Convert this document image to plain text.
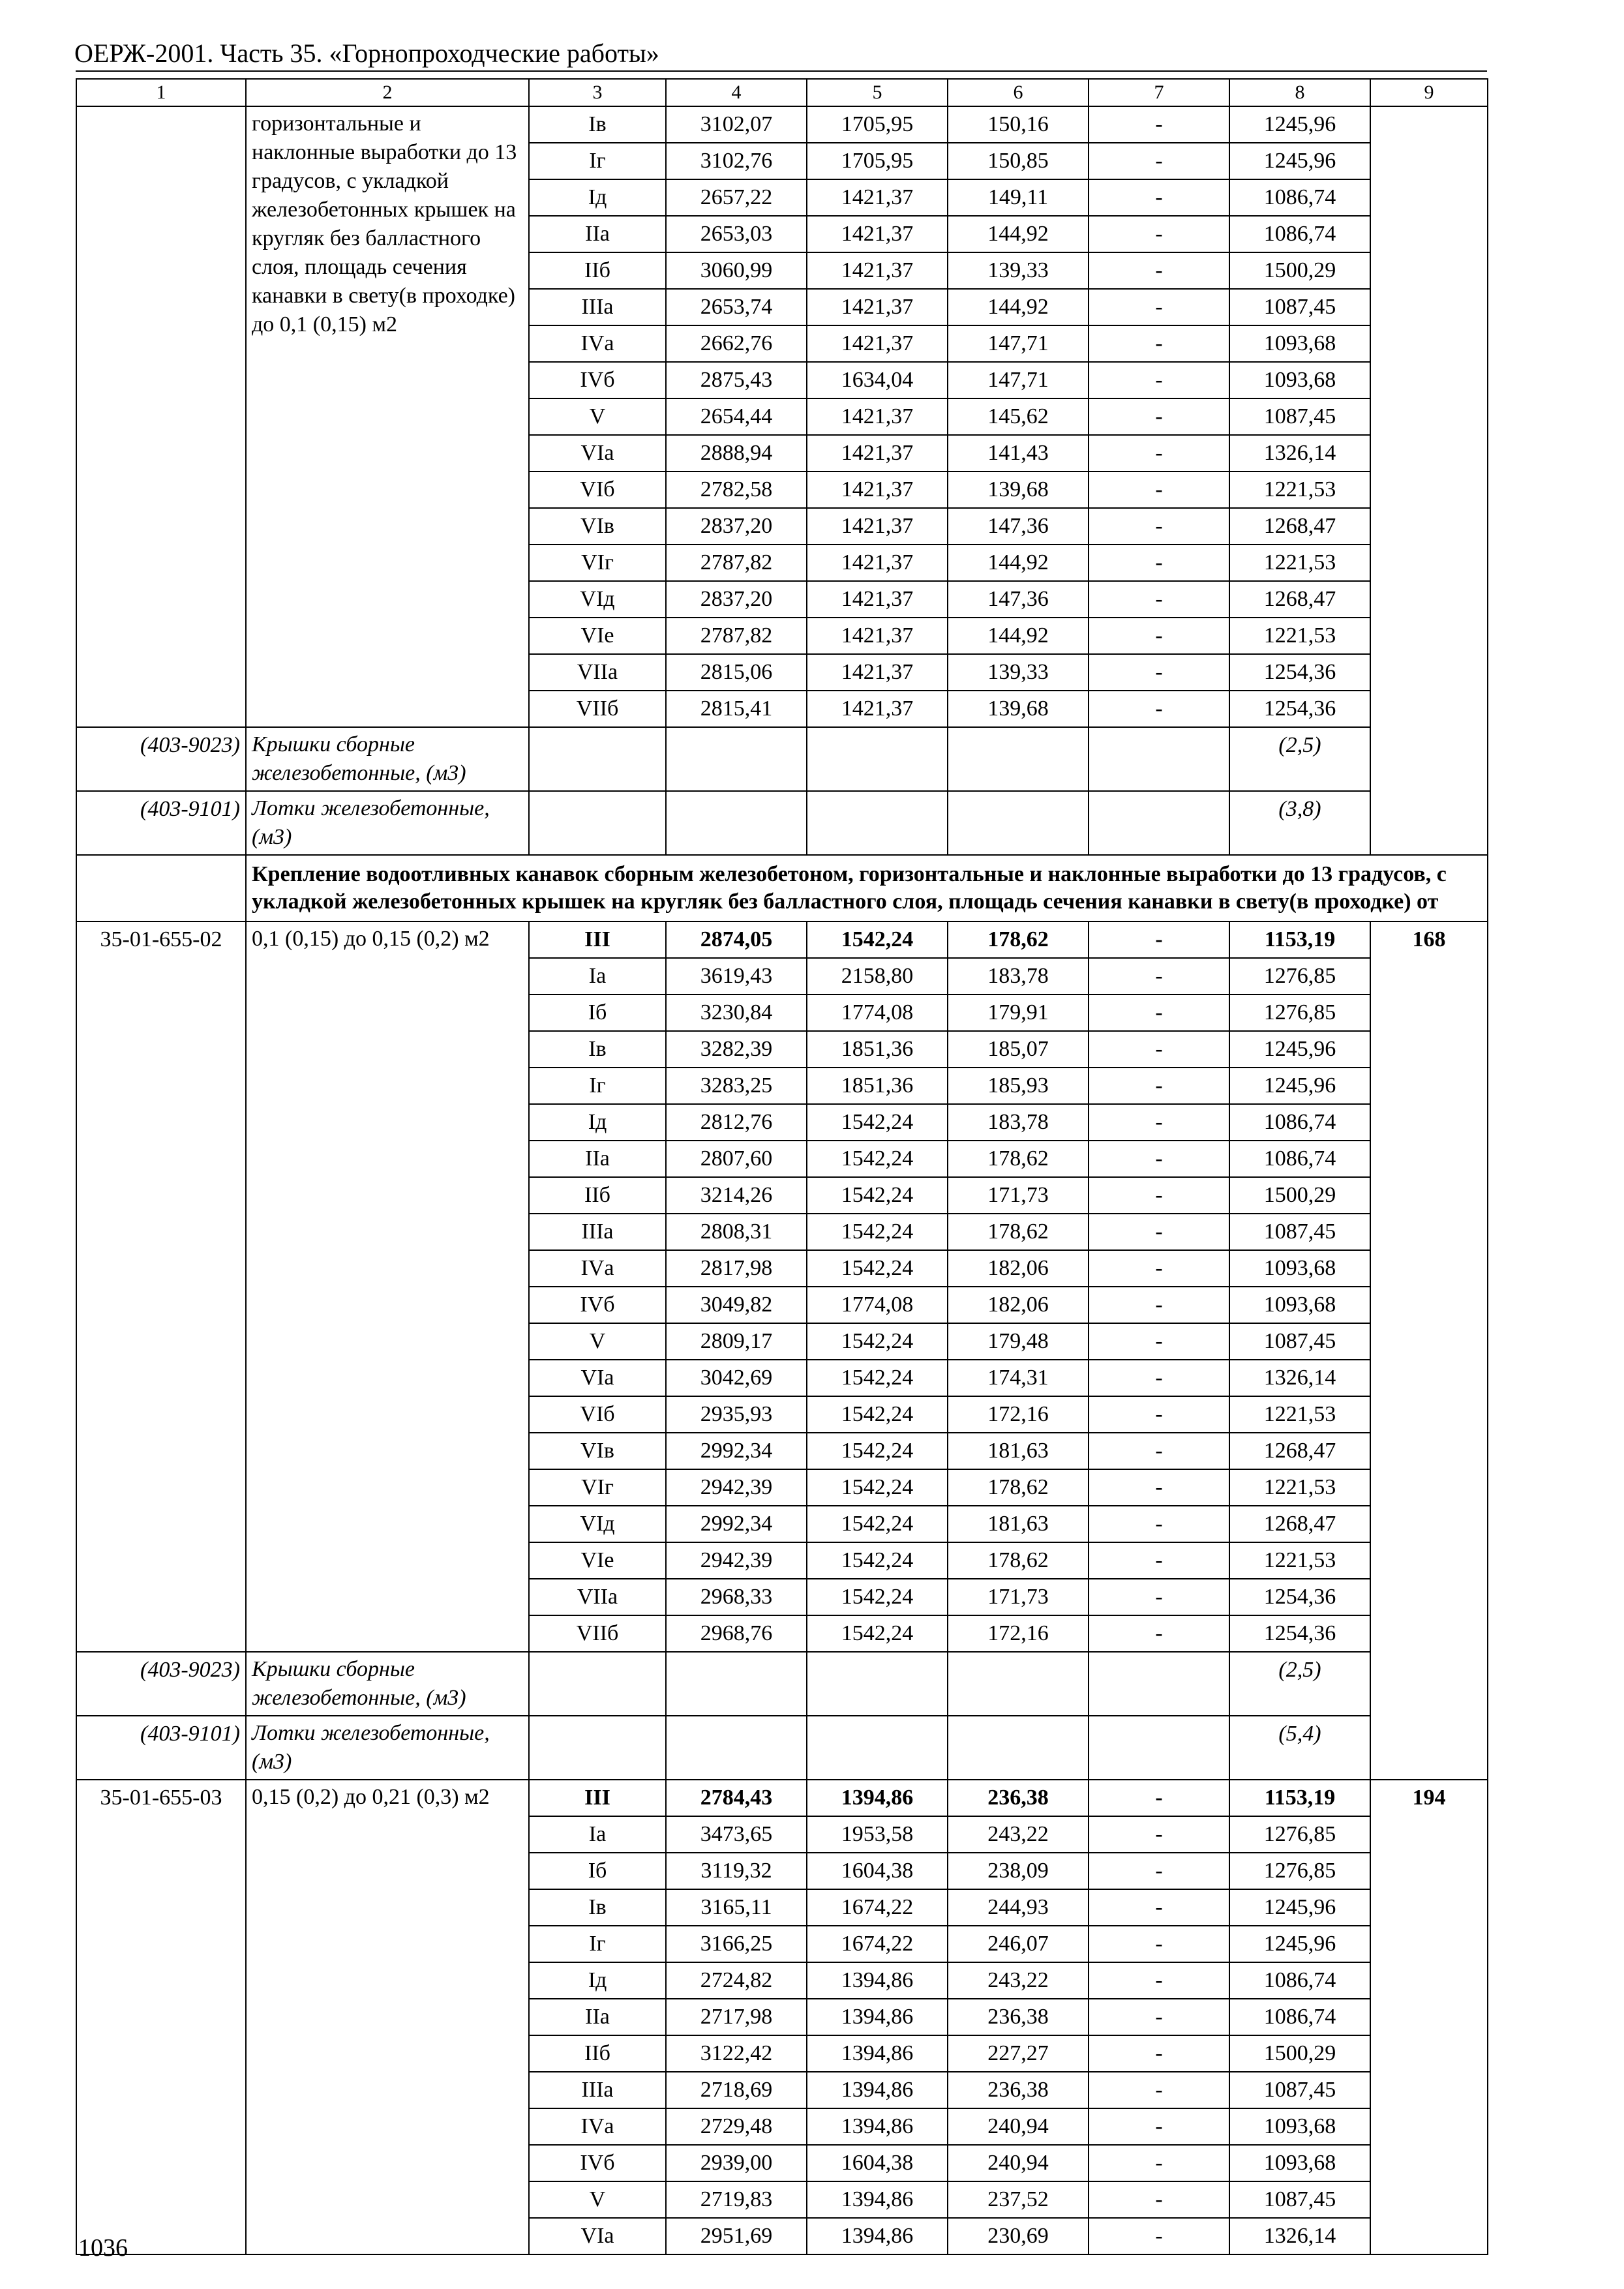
ОЕРЖ-2001. Часть 35. «Горнопроходческие работы»
1	2	3	4	5	6	7	8	9
	горизонтальные и наклонные выработки до 13 градусов, с укладкой железобетонных крышек на кругляк без балластного слоя, площадь сечения канавки в свету(в проходке) до 0,1 (0,15) м2	Iв	3102,07	1705,95	150,16	-	1245,96	
		Iг	3102,76	1705,95	150,85	-	1245,96	
		Iд	2657,22	1421,37	149,11	-	1086,74	
		IIа	2653,03	1421,37	144,92	-	1086,74	
		IIб	3060,99	1421,37	139,33	-	1500,29	
		IIIа	2653,74	1421,37	144,92	-	1087,45	
		IVа	2662,76	1421,37	147,71	-	1093,68	
		IVб	2875,43	1634,04	147,71	-	1093,68	
		V	2654,44	1421,37	145,62	-	1087,45	
		VIа	2888,94	1421,37	141,43	-	1326,14	
		VIб	2782,58	1421,37	139,68	-	1221,53	
		VIв	2837,20	1421,37	147,36	-	1268,47	
		VIг	2787,82	1421,37	144,92	-	1221,53	
		VIд	2837,20	1421,37	147,36	-	1268,47	
		VIе	2787,82	1421,37	144,92	-	1221,53	
		VIIа	2815,06	1421,37	139,33	-	1254,36	
		VIIб	2815,41	1421,37	139,68	-	1254,36	
(403-9023)	Крышки сборные железобетонные, (м3)						(2,5)	
(403-9101)	Лотки железобетонные, (м3)						(3,8)	
	Крепление водоотливных канавок сборным железобетоном, горизонтальные и наклонные выработки до 13 градусов, с укладкой железобетонных крышек на кругляк без балластного слоя, площадь сечения канавки в свету(в проходке) от							
35-01-655-02	0,1 (0,15) до 0,15 (0,2) м2	III	2874,05	1542,24	178,62	-	1153,19	168
		Iа	3619,43	2158,80	183,78	-	1276,85	
		Iб	3230,84	1774,08	179,91	-	1276,85	
		Iв	3282,39	1851,36	185,07	-	1245,96	
		Iг	3283,25	1851,36	185,93	-	1245,96	
		Iд	2812,76	1542,24	183,78	-	1086,74	
		IIа	2807,60	1542,24	178,62	-	1086,74	
		IIб	3214,26	1542,24	171,73	-	1500,29	
		IIIа	2808,31	1542,24	178,62	-	1087,45	
		IVа	2817,98	1542,24	182,06	-	1093,68	
		IVб	3049,82	1774,08	182,06	-	1093,68	
		V	2809,17	1542,24	179,48	-	1087,45	
		VIа	3042,69	1542,24	174,31	-	1326,14	
		VIб	2935,93	1542,24	172,16	-	1221,53	
		VIв	2992,34	1542,24	181,63	-	1268,47	
		VIг	2942,39	1542,24	178,62	-	1221,53	
		VIд	2992,34	1542,24	181,63	-	1268,47	
		VIе	2942,39	1542,24	178,62	-	1221,53	
		VIIа	2968,33	1542,24	171,73	-	1254,36	
		VIIб	2968,76	1542,24	172,16	-	1254,36	
(403-9023)	Крышки сборные железобетонные, (м3)						(2,5)	
(403-9101)	Лотки железобетонные, (м3)						(5,4)	
35-01-655-03	0,15 (0,2) до 0,21 (0,3) м2	III	2784,43	1394,86	236,38	-	1153,19	194
		Iа	3473,65	1953,58	243,22	-	1276,85	
		Iб	3119,32	1604,38	238,09	-	1276,85	
		Iв	3165,11	1674,22	244,93	-	1245,96	
		Iг	3166,25	1674,22	246,07	-	1245,96	
		Iд	2724,82	1394,86	243,22	-	1086,74	
		IIа	2717,98	1394,86	236,38	-	1086,74	
		IIб	3122,42	1394,86	227,27	-	1500,29	
		IIIа	2718,69	1394,86	236,38	-	1087,45	
		IVа	2729,48	1394,86	240,94	-	1093,68	
		IVб	2939,00	1604,38	240,94	-	1093,68	
		V	2719,83	1394,86	237,52	-	1087,45	
		VIа	2951,69	1394,86	230,69	-	1326,14	
1036
